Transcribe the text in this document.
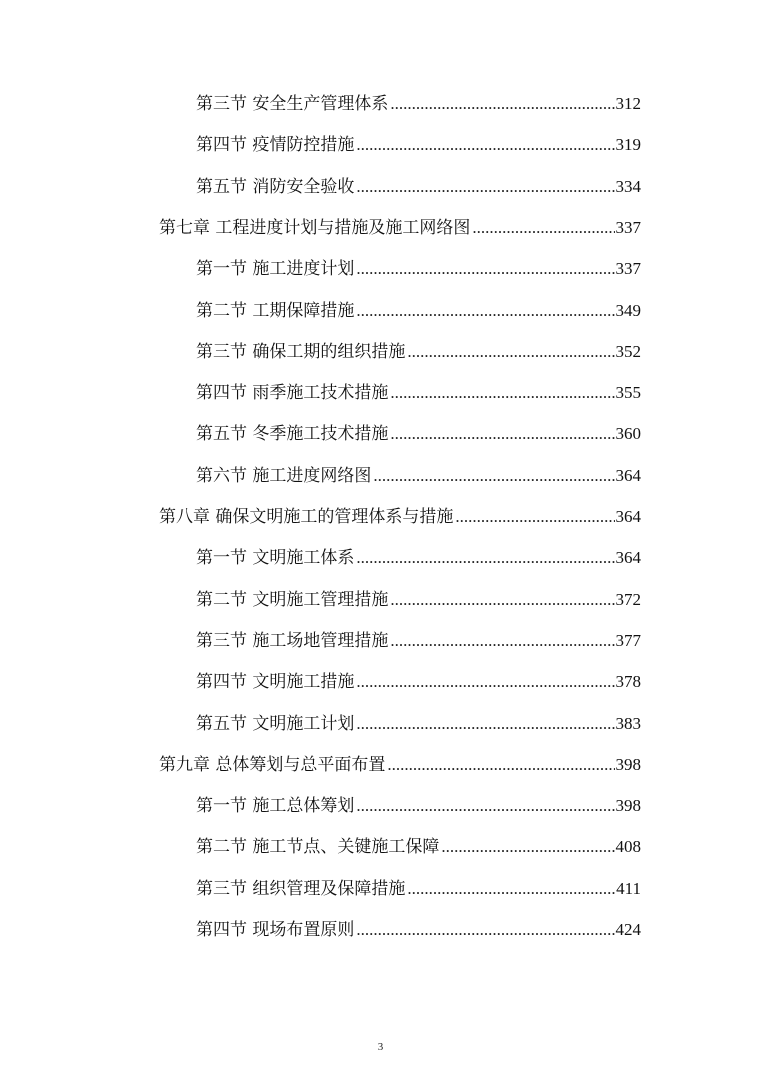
第三节 安全生产管理体系 .....	312
第四节 疫情防控措施 .....	319
第五节 消防安全验收 .....	334
第七章 工程进度计划与措施及施工网络图 .....	337
第一节 施工进度计划 .....	337
第二节 工期保障措施 .....	349
第三节 确保工期的组织措施 .....	352
第四节 雨季施工技术措施 .....	355
第五节 冬季施工技术措施 .....	360
第六节 施工进度网络图 .....	364
第八章 确保文明施工的管理体系与措施 .....	364
第一节 文明施工体系 .....	364
第二节 文明施工管理措施 .....	372
第三节 施工场地管理措施 .....	377
第四节 文明施工措施 .....	378
第五节 文明施工计划 .....	383
第九章 总体筹划与总平面布置 .....	398
第一节 施工总体筹划 .....	398
第二节 施工节点、关键施工保障 .....	408
第三节 组织管理及保障措施 .....	411
第四节 现场布置原则 .....	424
3
